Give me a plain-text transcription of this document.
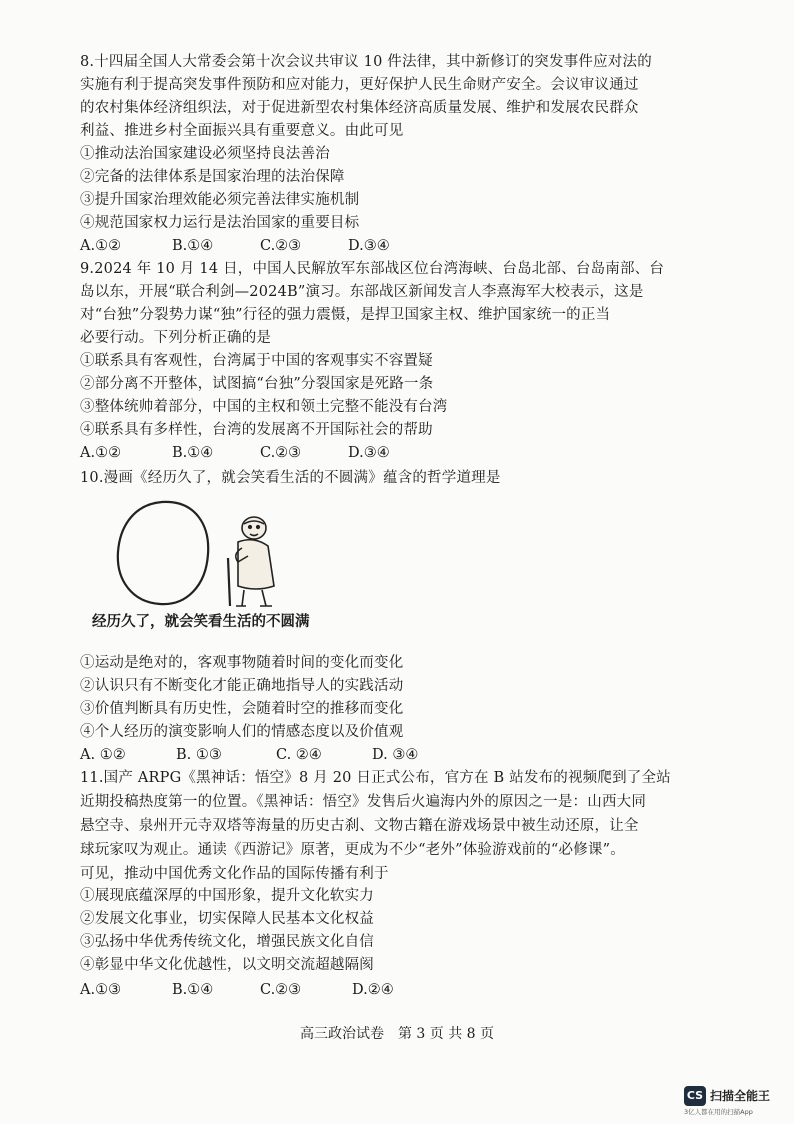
8.十四届全国人大常委会第十次会议共审议 10 件法律，其中新修订的突发事件应对法的
实施有利于提高突发事件预防和应对能力，更好保护人民生命财产安全。会议审议通过
的农村集体经济组织法，对于促进新型农村集体经济高质量发展、维护和发展农民群众
利益、推进乡村全面振兴具有重要意义。由此可见
①推动法治国家建设必须坚持良法善治
②完备的法律体系是国家治理的法治保障
③提升国家治理效能必须完善法律实施机制
④规范国家权力运行是法治国家的重要目标
A.①②	B.①④	C.②③	D.③④
9.2024 年 10 月 14 日，中国人民解放军东部战区位台湾海峡、台岛北部、台岛南部、台
岛以东，开展“联合利剑—2024B”演习。东部战区新闻发言人李熹海军大校表示，这是
对“台独”分裂势力谋“独”行径的强力震慑，是捍卫国家主权、维护国家统一的正当
必要行动。下列分析正确的是
①联系具有客观性，台湾属于中国的客观事实不容置疑
②部分离不开整体，试图搞“台独”分裂国家是死路一条
③整体统帅着部分，中国的主权和领土完整不能没有台湾
④联系具有多样性，台湾的发展离不开国际社会的帮助
A.①②	B.①④	C.②③	D.③④
10.漫画《经历久了，就会笑看生活的不圆满》蕴含的哲学道理是
经历久了，就会笑看生活的不圆满
①运动是绝对的，客观事物随着时间的变化而变化
②认识只有不断变化才能正确地指导人的实践活动
③价值判断具有历史性，会随着时空的推移而变化
④个人经历的演变影响人们的情感态度以及价值观
A. ①②	B. ①③	C. ②④	D. ③④
11.国产 ARPG《黑神话：悟空》8 月 20 日正式公布，官方在 B 站发布的视频爬到了全站
近期投稿热度第一的位置。《黑神话：悟空》发售后火遍海内外的原因之一是：山西大同
悬空寺、泉州开元寺双塔等海量的历史古刹、文物古籍在游戏场景中被生动还原，让全
球玩家叹为观止。通读《西游记》原著，更成为不少“老外”体验游戏前的“必修课”。
可见，推动中国优秀文化作品的国际传播有利于
①展现底蕴深厚的中国形象，提升文化软实力
②发展文化事业，切实保障人民基本文化权益
③弘扬中华优秀传统文化，增强民族文化自信
④彰显中华文化优越性，以文明交流超越隔阂
A.①③	B.①④	C.②③	D.②④
高三政治试卷　第 3 页 共 8 页
CS 扫描全能王
3亿人都在用的扫描App
